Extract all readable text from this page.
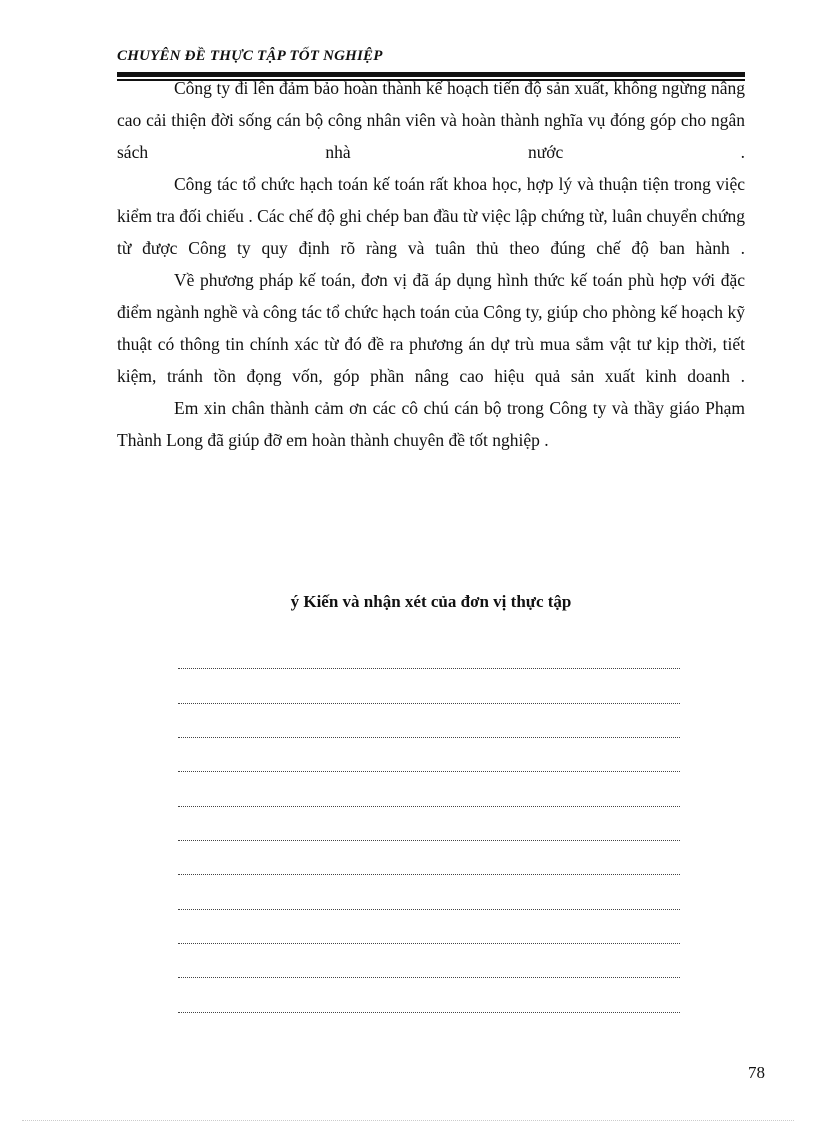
CHUYÊN ĐỀ THỰC TẬP TỐT NGHIỆP

Công ty đi lên đảm bảo hoàn thành kế hoạch tiến độ sản xuất, không ngừng nâng cao cải thiện đời sống cán bộ công nhân viên và hoàn thành nghĩa vụ đóng góp cho ngân sách nhà nước .

Công tác tổ chức hạch toán kế toán rất khoa học, hợp lý và thuận tiện trong việc kiểm tra đối chiếu . Các chế độ ghi chép ban đầu từ việc lập chứng từ, luân chuyển chứng từ được Công ty quy định rõ ràng và tuân thủ theo đúng chế độ ban hành .

Về phương pháp kế toán, đơn vị đã áp dụng hình thức kế toán phù hợp với đặc điểm ngành nghề và công tác tổ chức hạch toán của Công ty, giúp cho phòng kế hoạch kỹ thuật có thông tin chính xác từ đó đề ra phương án dự trù mua sắm vật tư kịp thời, tiết kiệm, tránh tồn đọng vốn, góp phần nâng cao hiệu quả sản xuất kinh doanh .

Em xin chân thành cảm ơn các cô chú cán bộ trong Công ty và thầy giáo Phạm Thành Long đã giúp đỡ em hoàn thành chuyên đề tốt nghiệp .

ý Kiến và nhận xét của đơn vị thực tập
78
